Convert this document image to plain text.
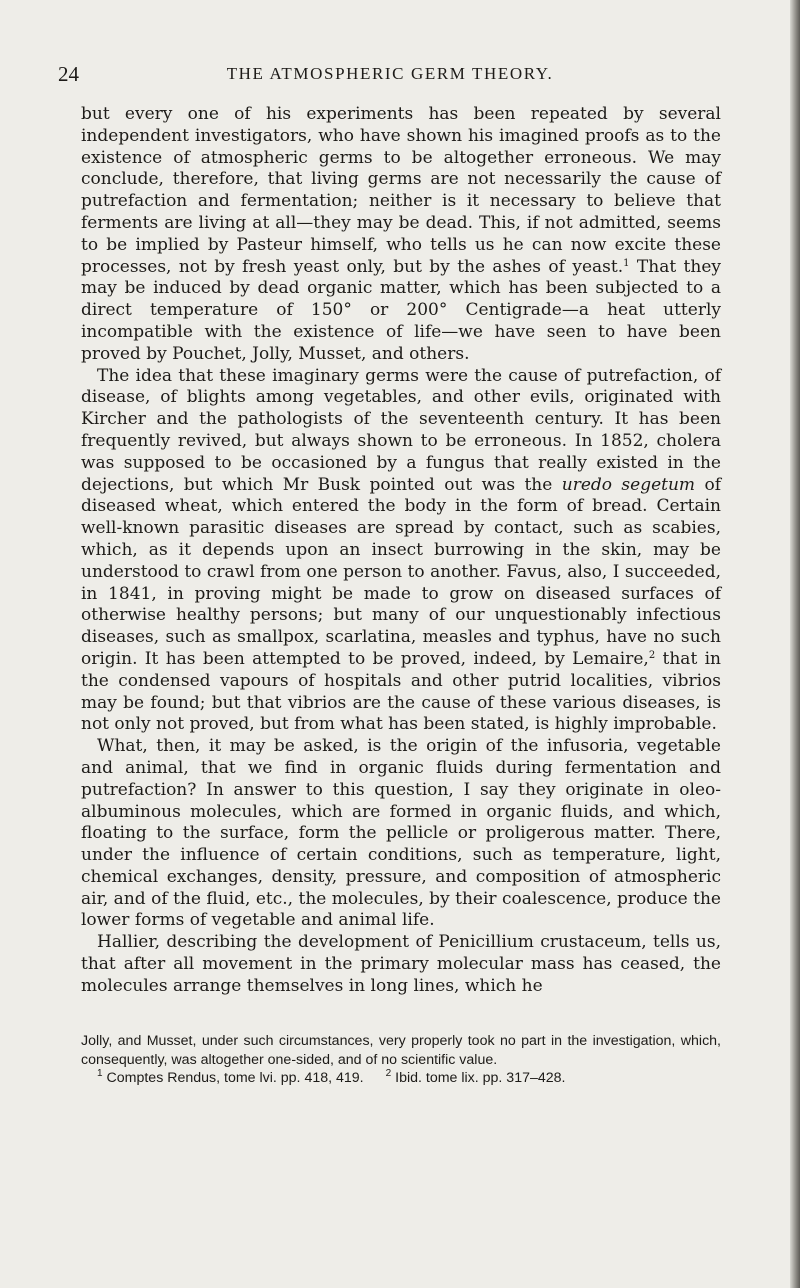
24	THE ATMOSPHERIC GERM THEORY.

but every one of his experiments has been repeated by several independent investigators, who have shown his imagined proofs as to the existence of atmospheric germs to be altogether erroneous. We may conclude, therefore, that living germs are not necessarily the cause of putrefaction and fermentation; neither is it necessary to believe that ferments are living at all—they may be dead. This, if not admitted, seems to be implied by Pasteur himself, who tells us he can now excite these processes, not by fresh yeast only, but by the ashes of yeast.$^1$ That they may be induced by dead organic matter, which has been subjected to a direct temperature of 150° or 200° Centigrade—a heat utterly incompatible with the existence of life—we have seen to have been proved by Pouchet, Jolly, Musset, and others.

The idea that these imaginary germs were the cause of putrefaction, of disease, of blights among vegetables, and other evils, originated with Kircher and the pathologists of the seventeenth century. It has been frequently revived, but always shown to be erroneous. In 1852, cholera was supposed to be occasioned by a fungus that really existed in the dejections, but which Mr Busk pointed out was the uredo segetum of diseased wheat, which entered the body in the form of bread. Certain well-known parasitic diseases are spread by contact, such as scabies, which, as it depends upon an insect burrowing in the skin, may be understood to crawl from one person to another. Favus, also, I succeeded, in 1841, in proving might be made to grow on diseased surfaces of otherwise healthy persons; but many of our unquestionably infectious diseases, such as smallpox, scarlatina, measles and typhus, have no such origin. It has been attempted to be proved, indeed, by Lemaire,$^2$ that in the condensed vapours of hospitals and other putrid localities, vibrios may be found; but that vibrios are the cause of these various diseases, is not only not proved, but from what has been stated, is highly improbable.

What, then, it may be asked, is the origin of the infusoria, vegetable and animal, that we find in organic fluids during fermentation and putrefaction? In answer to this question, I say they originate in oleo-albuminous molecules, which are formed in organic fluids, and which, floating to the surface, form the pellicle or proligerous matter. There, under the influence of certain conditions, such as temperature, light, chemical exchanges, density, pressure, and composition of atmospheric air, and of the fluid, etc., the molecules, by their coalescence, produce the lower forms of vegetable and animal life.

Hallier, describing the development of Penicillium crustaceum, tells us, that after all movement in the primary molecular mass has ceased, the molecules arrange themselves in long lines, which he

Jolly, and Musset, under such circumstances, very properly took no part in the investigation, which, consequently, was altogether one-sided, and of no scientific value.

$^1$ Comptes Rendus, tome lvi. pp. 418, 419. $^2$ Ibid. tome lix. pp. 317–428.
